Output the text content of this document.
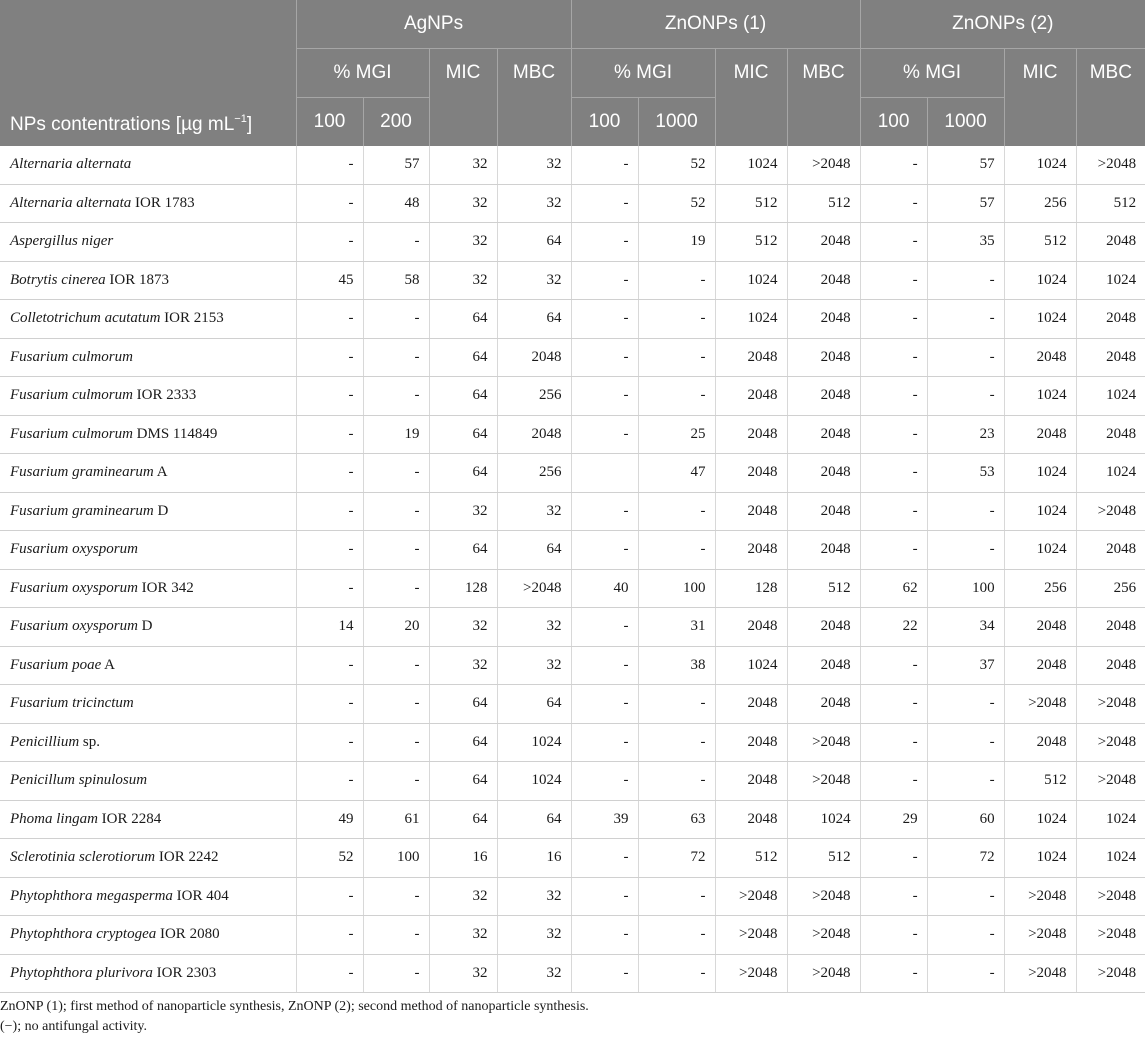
NPs contentrations [µg $mL^{-1}$]	AgNPs				ZnONPs (1)				ZnONPs (2)			
	% MGI		MIC	MBC	% MGI		MIC	MBC	% MGI		MIC	MBC
	100	200			100	1000			100	1000		
Alternaria alternata	-	57	32	32	-	52	1024	>2048	-	57	1024	>2048
Alternaria alternata IOR 1783	-	48	32	32	-	52	512	512	-	57	256	512
Aspergillus niger	-	-	32	64	-	19	512	2048	-	35	512	2048
Botrytis cinerea IOR 1873	45	58	32	32	-	-	1024	2048	-	-	1024	1024
Colletotrichum acutatum IOR 2153	-	-	64	64	-	-	1024	2048	-	-	1024	2048
Fusarium culmorum	-	-	64	2048	-	-	2048	2048	-	-	2048	2048
Fusarium culmorum IOR 2333	-	-	64	256	-	-	2048	2048	-	-	1024	1024
Fusarium culmorum DMS 114849	-	19	64	2048	-	25	2048	2048	-	23	2048	2048
Fusarium graminearum A	-	-	64	256		47	2048	2048	-	53	1024	1024
Fusarium graminearum D	-	-	32	32	-	-	2048	2048	-	-	1024	>2048
Fusarium oxysporum	-	-	64	64	-	-	2048	2048	-	-	1024	2048
Fusarium oxysporum IOR 342	-	-	128	>2048	40	100	128	512	62	100	256	256
Fusarium oxysporum D	14	20	32	32	-	31	2048	2048	22	34	2048	2048
Fusarium poae A	-	-	32	32	-	38	1024	2048	-	37	2048	2048
Fusarium tricinctum	-	-	64	64	-	-	2048	2048	-	-	>2048	>2048
Penicillium sp.	-	-	64	1024	-	-	2048	>2048	-	-	2048	>2048
Penicillum spinulosum	-	-	64	1024	-	-	2048	>2048	-	-	512	>2048
Phoma lingam IOR 2284	49	61	64	64	39	63	2048	1024	29	60	1024	1024
Sclerotinia sclerotiorum IOR 2242	52	100	16	16	-	72	512	512	-	72	1024	1024
Phytophthora megasperma IOR 404	-	-	32	32	-	-	>2048	>2048	-	-	>2048	>2048
Phytophthora cryptogea IOR 2080	-	-	32	32	-	-	>2048	>2048	-	-	>2048	>2048
Phytophthora plurivora IOR 2303	-	-	32	32	-	-	>2048	>2048	-	-	>2048	>2048
ZnONP (1); first method of nanoparticle synthesis, ZnONP (2); second method of nanoparticle synthesis.
(−); no antifungal activity.
